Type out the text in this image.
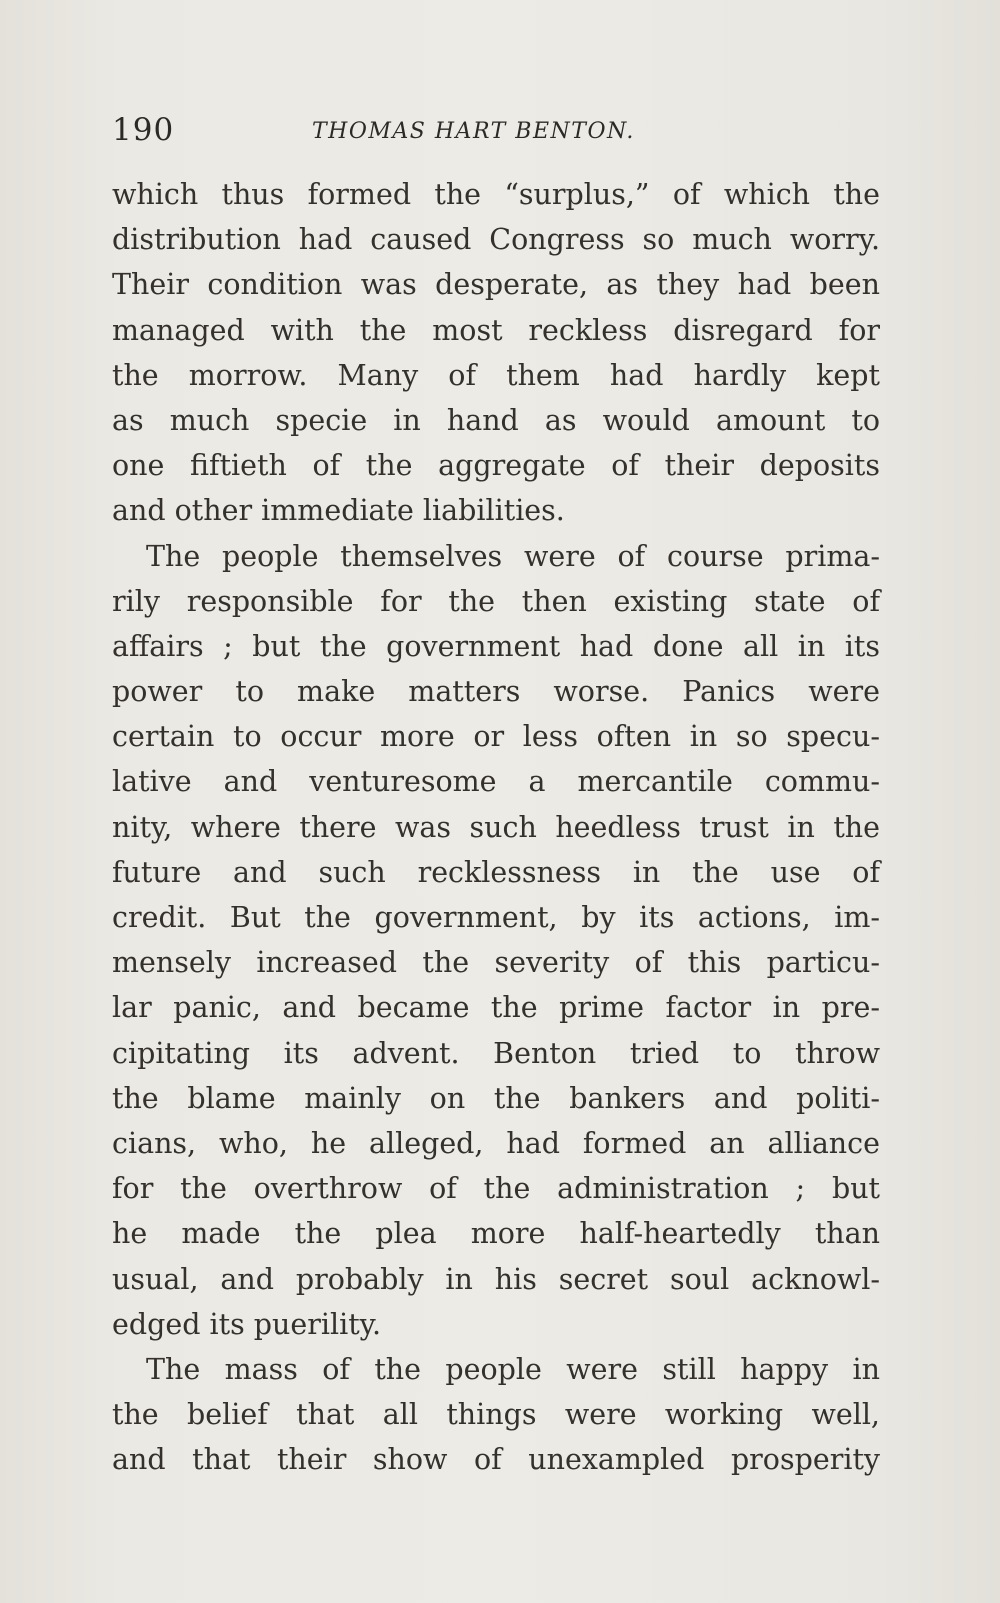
190	THOMAS HART BENTON.
which thus formed the “surplus,” of which the
distribution had caused Congress so much worry.
Their condition was desperate, as they had been
managed with the most reckless disregard for
the morrow. Many of them had hardly kept
as much specie in hand as would amount to
one fiftieth of the aggregate of their deposits
and other immediate liabilities.
The people themselves were of course prima-
rily responsible for the then existing state of
affairs ; but the government had done all in its
power to make matters worse. Panics were
certain to occur more or less often in so specu-
lative and venturesome a mercantile commu-
nity, where there was such heedless trust in the
future and such recklessness in the use of
credit. But the government, by its actions, im-
mensely increased the severity of this particu-
lar panic, and became the prime factor in pre-
cipitating its advent. Benton tried to throw
the blame mainly on the bankers and politi-
cians, who, he alleged, had formed an alliance
for the overthrow of the administration ; but
he made the plea more half-heartedly than
usual, and probably in his secret soul acknowl-
edged its puerility.
The mass of the people were still happy in
the belief that all things were working well,
and that their show of unexampled prosperity
